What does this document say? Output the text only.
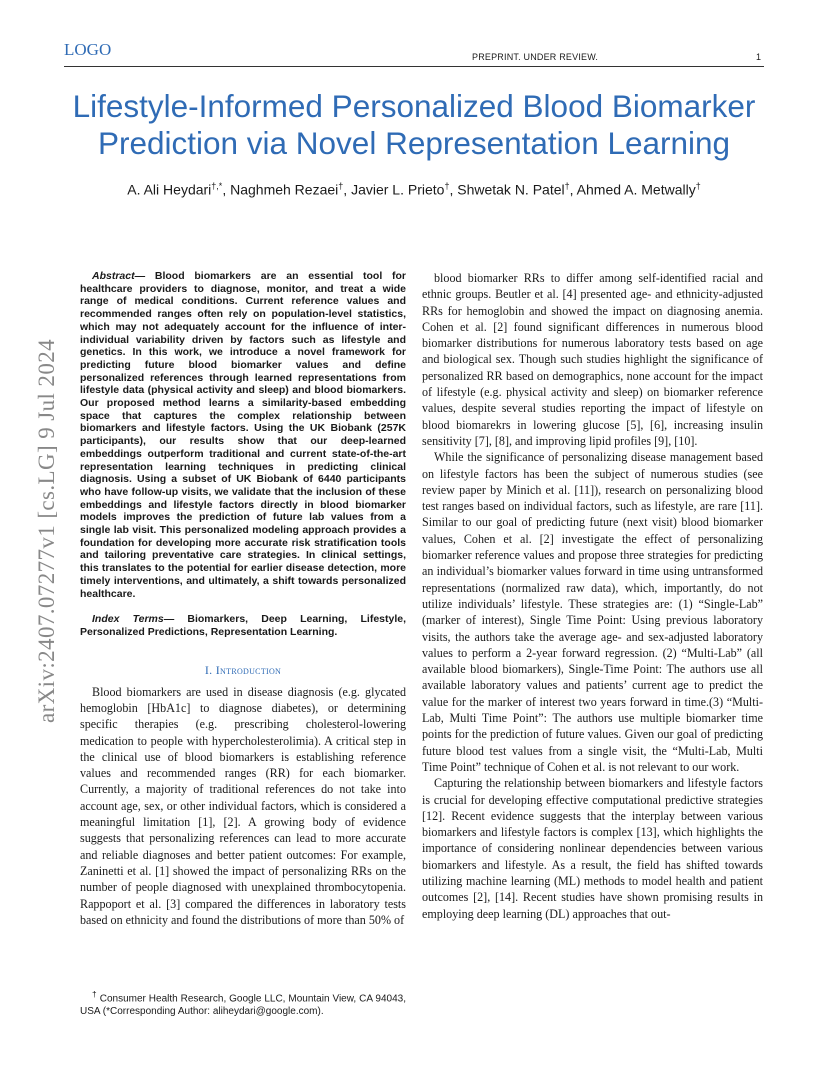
LOGO	PREPRINT. UNDER REVIEW.	1
Lifestyle-Informed Personalized Blood Biomarker Prediction via Novel Representation Learning
A. Ali Heydari†,*, Naghmeh Rezaei†, Javier L. Prieto†, Shwetak N. Patel†, Ahmed A. Metwally†
arXiv:2407.07277v1 [cs.LG] 9 Jul 2024

Abstract— Blood biomarkers are an essential tool for healthcare providers to diagnose, monitor, and treat a wide range of medical conditions. Current reference values and recommended ranges often rely on population-level statistics, which may not adequately account for the influence of inter-individual variability driven by factors such as lifestyle and genetics. In this work, we introduce a novel framework for predicting future blood biomarker values and define personalized references through learned representations from lifestyle data (physical activity and sleep) and blood biomarkers. Our proposed method learns a similarity-based embedding space that captures the complex relationship between biomarkers and lifestyle factors. Using the UK Biobank (257K participants), our results show that our deep-learned embeddings outperform traditional and current state-of-the-art representation learning techniques in predicting clinical diagnosis. Using a subset of UK Biobank of 6440 participants who have follow-up visits, we validate that the inclusion of these embeddings and lifestyle factors directly in blood biomarker models improves the prediction of future lab values from a single lab visit. This personalized modeling approach provides a foundation for developing more accurate risk stratification tools and tailoring preventative care strategies. In clinical settings, this translates to the potential for earlier disease detection, more timely interventions, and ultimately, a shift towards personalized healthcare.

Index Terms— Biomarkers, Deep Learning, Lifestyle, Personalized Predictions, Representation Learning.

I. Introduction

Blood biomarkers are used in disease diagnosis (e.g. glycated hemoglobin [HbA1c] to diagnose diabetes), or determining specific therapies (e.g. prescribing cholesterol-lowering medication to people with hypercholesterolimia). A critical step in the clinical use of blood biomarkers is establishing reference values and recommended ranges (RR) for each biomarker. Currently, a majority of traditional references do not take into account age, sex, or other individual factors, which is considered a meaningful limitation [1], [2]. A growing body of evidence suggests that personalizing references can lead to more accurate and reliable diagnoses and better patient outcomes: For example, Zaninetti et al. [1] showed the impact of personalizing RRs on the number of people diagnosed with unexplained thrombocytopenia. Rappoport et al. [3] compared the differences in laboratory tests based on ethnicity and found the distributions of more than 50% of

blood biomarker RRs to differ among self-identified racial and ethnic groups. Beutler et al. [4] presented age- and ethnicity-adjusted RRs for hemoglobin and showed the impact on diagnosing anemia. Cohen et al. [2] found significant differences in numerous blood biomarker distributions for numerous laboratory tests based on age and biological sex. Though such studies highlight the significance of personalized RR based on demographics, none account for the impact of lifestyle (e.g. physical activity and sleep) on biomarker reference values, despite several studies reporting the impact of lifestyle on blood biomarekrs in lowering glucose [5], [6], increasing insulin sensitivity [7], [8], and improving lipid profiles [9], [10].

While the significance of personalizing disease management based on lifestyle factors has been the subject of numerous studies (see review paper by Minich et al. [11]), research on personalizing blood test ranges based on individual factors, such as lifestyle, are rare [11]. Similar to our goal of predicting future (next visit) blood biomarker values, Cohen et al. [2] investigate the effect of personalizing biomarker reference values and propose three strategies for predicting an individual’s biomarker values forward in time using untransformed representations (normalized raw data), which, importantly, do not utilize individuals’ lifestyle. These strategies are: (1) “Single-Lab” (marker of interest), Single Time Point: Using previous laboratory visits, the authors take the average age- and sex-adjusted laboratory values to perform a 2-year forward regression. (2) “Multi-Lab” (all available blood biomarkers), Single-Time Point: The authors use all available laboratory values and patients’ current age to predict the value for the marker of interest two years forward in time.(3) “Multi-Lab, Multi Time Point”: The authors use multiple biomarker time points for the prediction of future values. Given our goal of predicting future blood test values from a single visit, the “Multi-Lab, Multi Time Point” technique of Cohen et al. is not relevant to our work.

Capturing the relationship between biomarkers and lifestyle factors is crucial for developing effective computational predictive strategies [12]. Recent evidence suggests that the interplay between various biomarkers and lifestyle factors is complex [13], which highlights the importance of considering nonlinear dependencies between various biomarkers and lifestyle. As a result, the field has shifted towards utilizing machine learning (ML) methods to model health and patient outcomes [2], [14]. Recent studies have shown promising results in employing deep learning (DL) approaches that out-

† Consumer Health Research, Google LLC, Mountain View, CA 94043, USA (*Corresponding Author: aliheydari@google.com).
